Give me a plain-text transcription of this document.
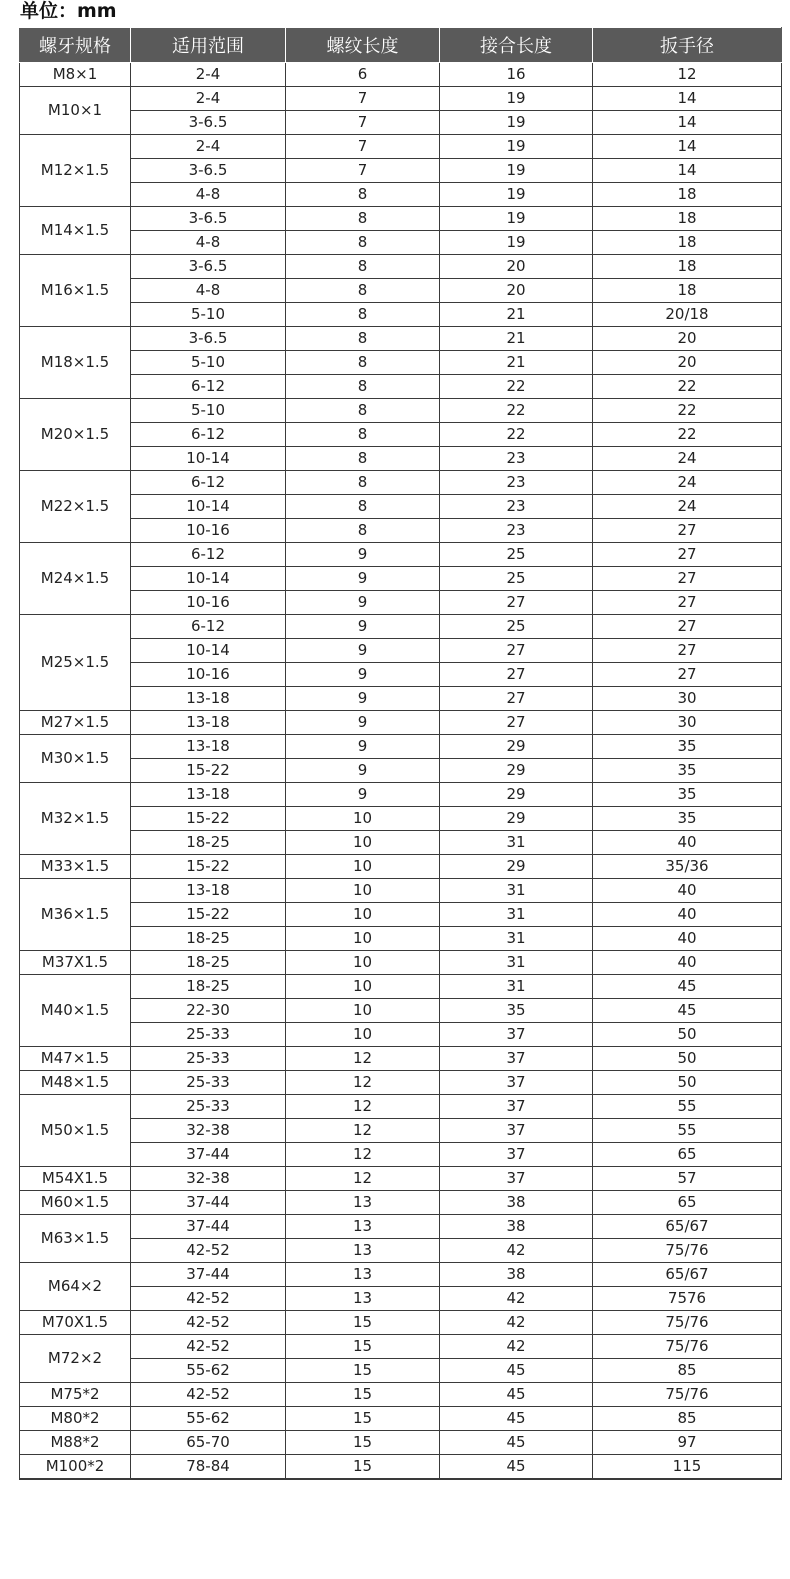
单位：mm
螺牙规格	适用范围	螺纹长度	接合长度	扳手径
M8×1	2-4	6	16	12
M10×1	2-4	7	19	14
	3-6.5	7	19	14
M12×1.5	2-4	7	19	14
	3-6.5	7	19	14
	4-8	8	19	18
M14×1.5	3-6.5	8	19	18
	4-8	8	19	18
M16×1.5	3-6.5	8	20	18
	4-8	8	20	18
	5-10	8	21	20/18
M18×1.5	3-6.5	8	21	20
	5-10	8	21	20
	6-12	8	22	22
M20×1.5	5-10	8	22	22
	6-12	8	22	22
	10-14	8	23	24
M22×1.5	6-12	8	23	24
	10-14	8	23	24
	10-16	8	23	27
M24×1.5	6-12	9	25	27
	10-14	9	25	27
	10-16	9	27	27
M25×1.5	6-12	9	25	27
	10-14	9	27	27
	10-16	9	27	27
	13-18	9	27	30
M27×1.5	13-18	9	27	30
M30×1.5	13-18	9	29	35
	15-22	9	29	35
M32×1.5	13-18	9	29	35
	15-22	10	29	35
	18-25	10	31	40
M33×1.5	15-22	10	29	35/36
M36×1.5	13-18	10	31	40
	15-22	10	31	40
	18-25	10	31	40
M37X1.5	18-25	10	31	40
M40×1.5	18-25	10	31	45
	22-30	10	35	45
	25-33	10	37	50
M47×1.5	25-33	12	37	50
M48×1.5	25-33	12	37	50
M50×1.5	25-33	12	37	55
	32-38	12	37	55
	37-44	12	37	65
M54X1.5	32-38	12	37	57
M60×1.5	37-44	13	38	65
M63×1.5	37-44	13	38	65/67
	42-52	13	42	75/76
M64×2	37-44	13	38	65/67
	42-52	13	42	7576
M70X1.5	42-52	15	42	75/76
M72×2	42-52	15	42	75/76
	55-62	15	45	85
M75*2	42-52	15	45	75/76
M80*2	55-62	15	45	85
M88*2	65-70	15	45	97
M100*2	78-84	15	45	115
